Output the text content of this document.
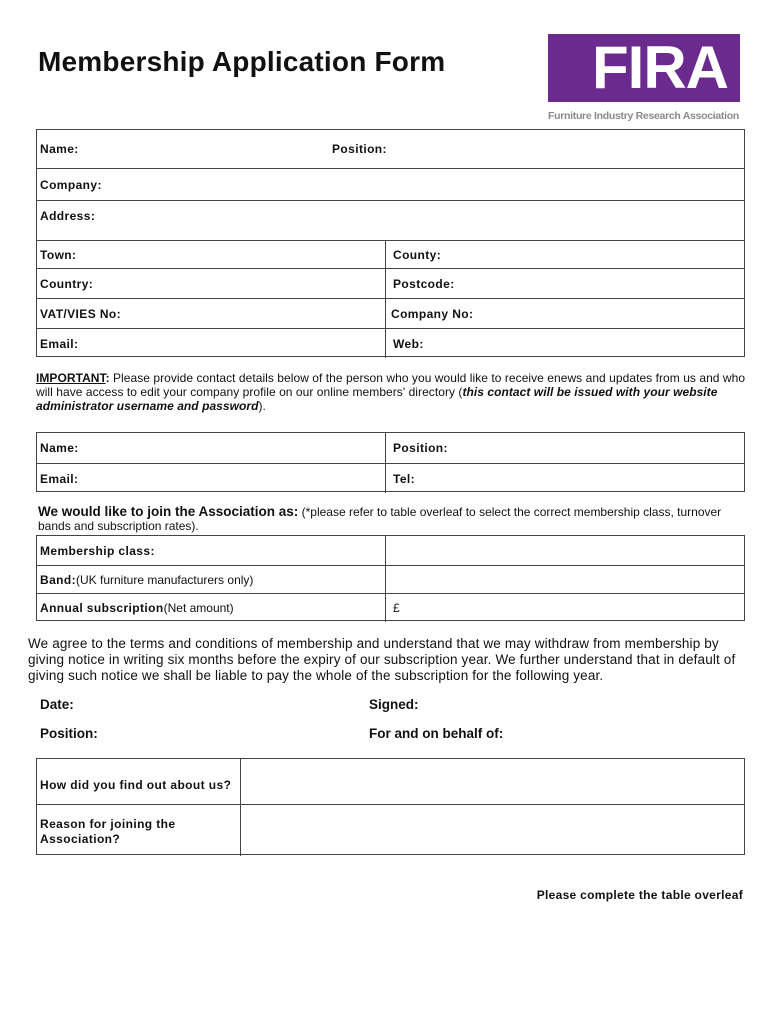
Membership Application Form FIRA
Furniture Industry Research Association
Name:	Position:
Company:
Address:
Town:	County:
Country:	Postcode:
VAT/VIES No:	Company No:
Email:	Web:
IMPORTANT: Please provide contact details below of the person who you would like to receive enews and updates from us and who will have access to edit your company profile on our online members' directory (this contact will be issued with your website administrator username and password).
Name:	Position:
Email:	Tel:
We would like to join the Association as: (*please refer to table overleaf to select the correct membership class, turnover bands and subscription rates).
Membership class:
Band: (UK furniture manufacturers only)
Annual subscription (Net amount)	£
We agree to the terms and conditions of membership and understand that we may withdraw from membership by giving notice in writing six months before the expiry of our subscription year. We further understand that in default of giving such notice we shall be liable to pay the whole of the subscription for the following year.
Date:	Signed:
Position:	For and on behalf of:
How did you find out about us?
Reason for joining the
Association?
Please complete the table overleaf
